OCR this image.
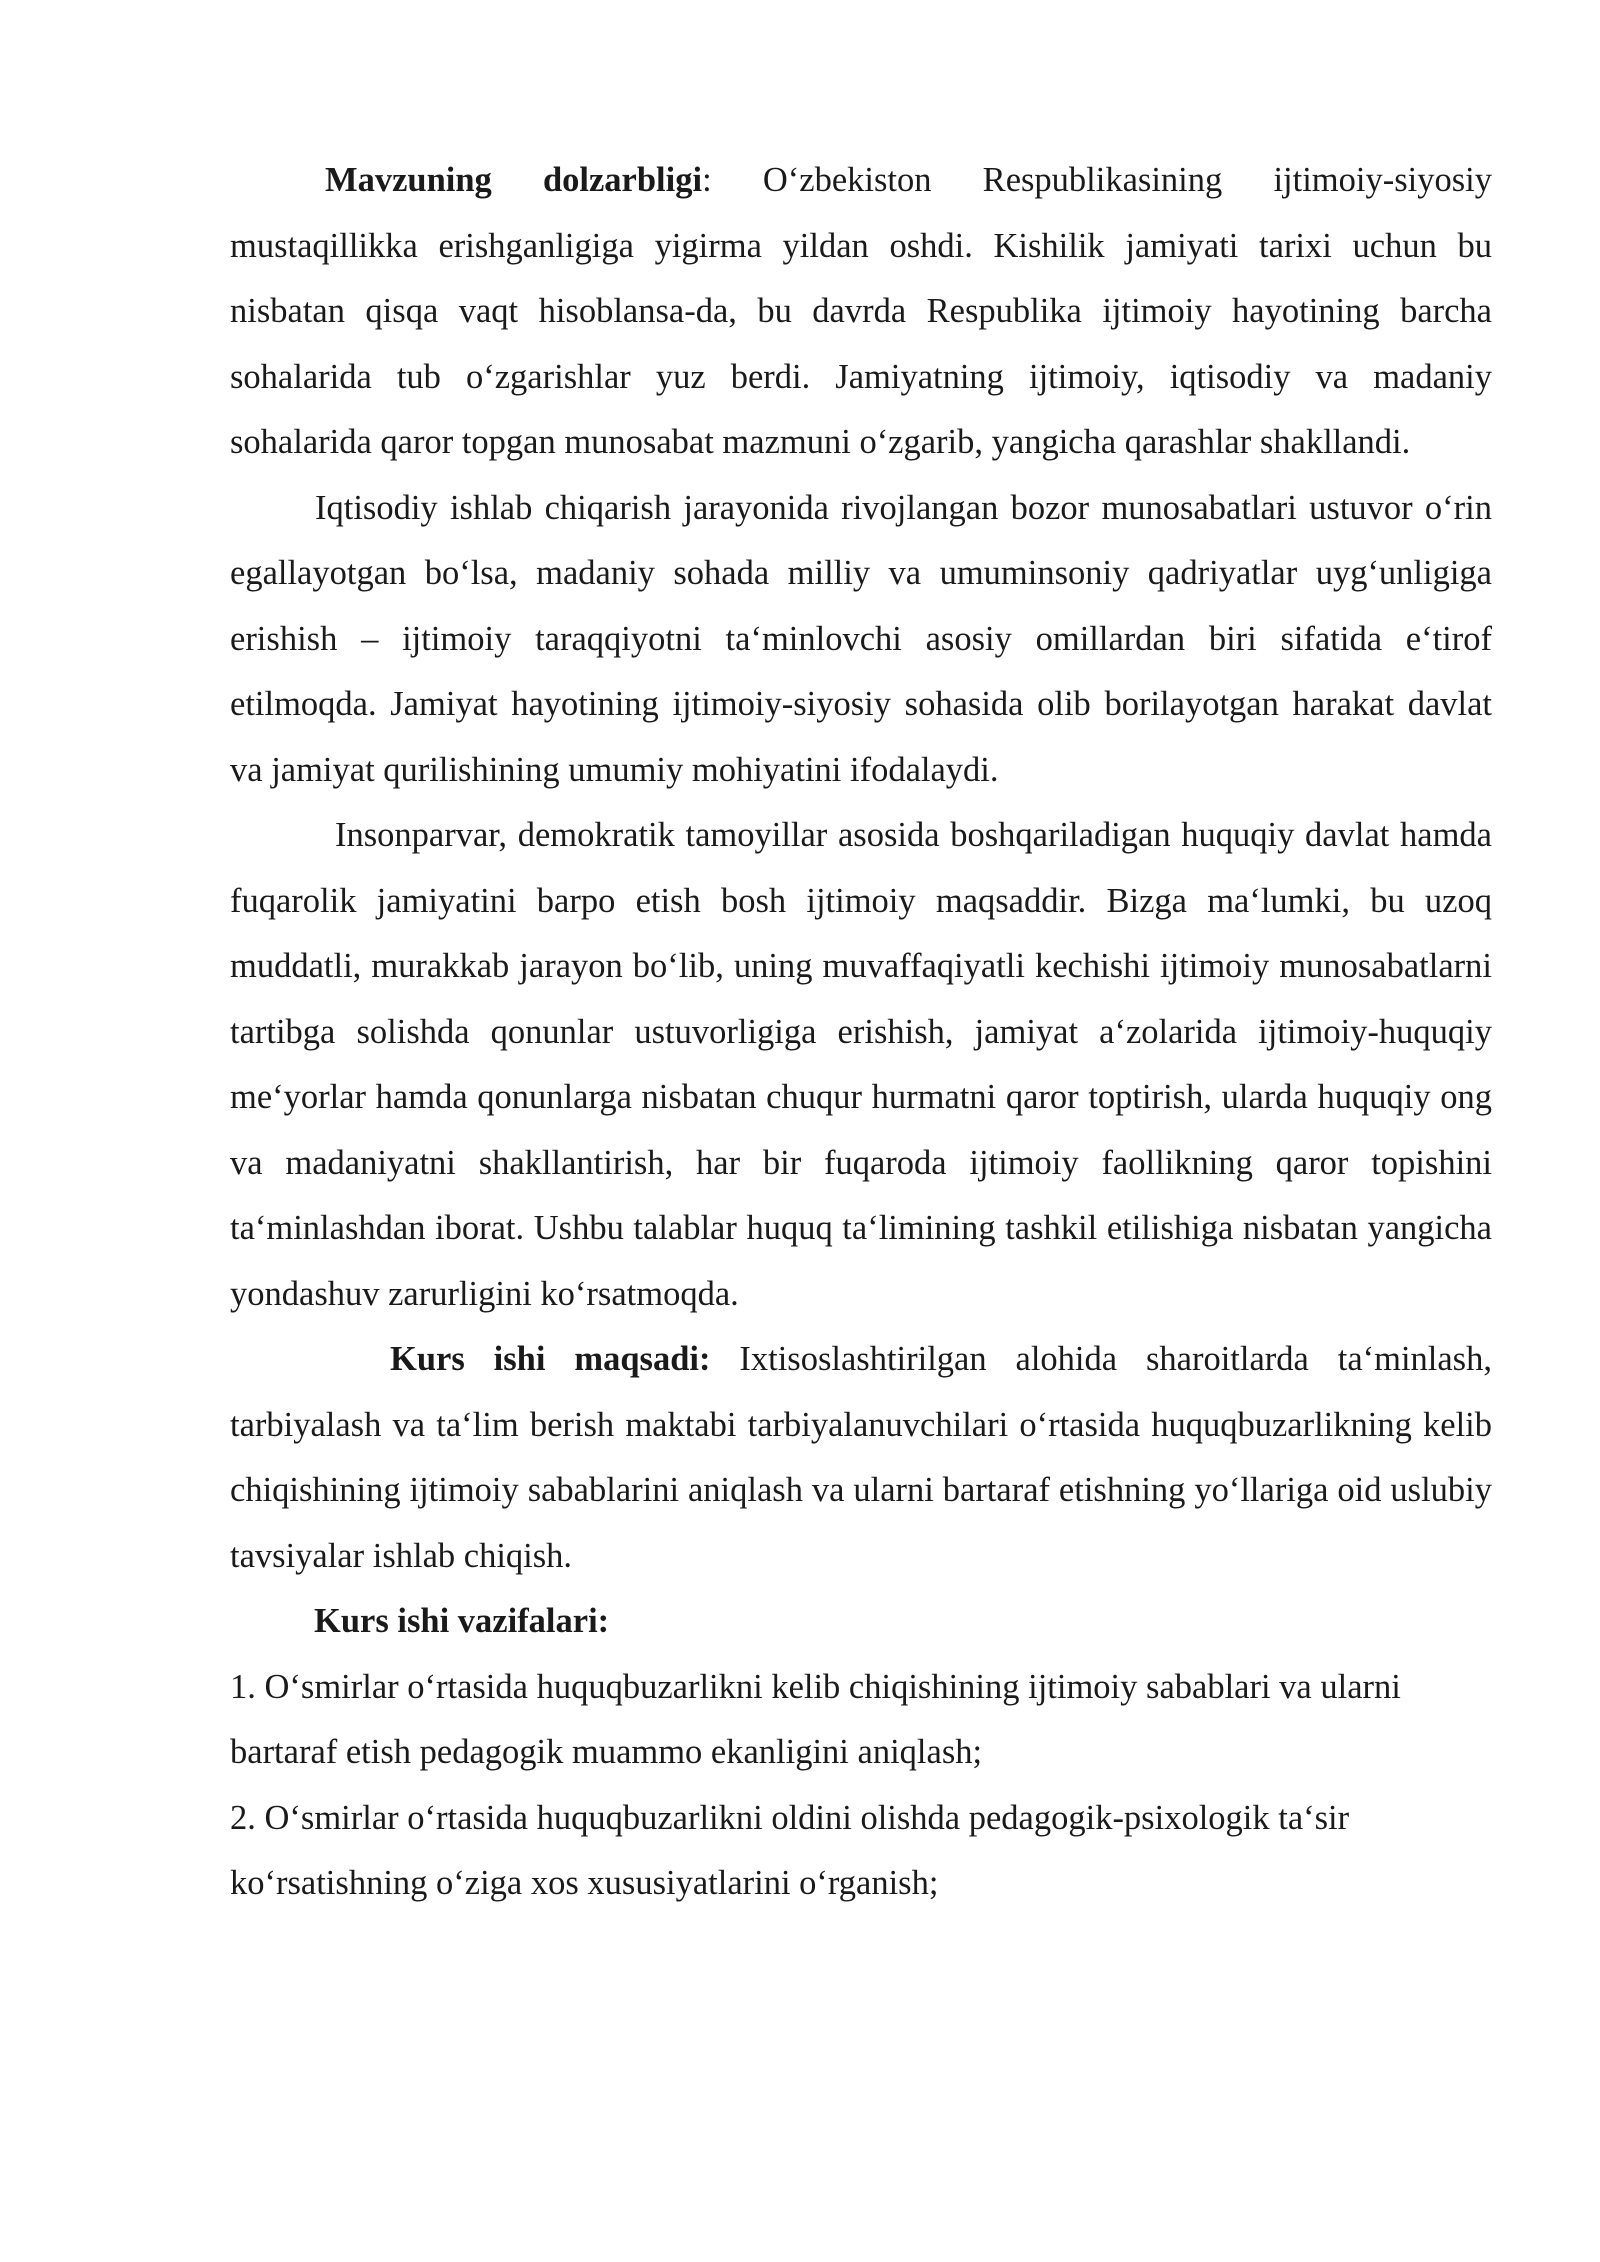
Mavzuning dolzarbligi: O‘zbekiston Respublikasining ijtimoiy-siyosiy mustaqillikka erishganligiga yigirma yildan oshdi. Kishilik jamiyati tarixi uchun bu nisbatan qisqa vaqt hisoblansa-da, bu davrda Respublika ijtimoiy hayotining barcha sohalarida tub o‘zgarishlar yuz berdi. Jamiyatning ijtimoiy, iqtisodiy va madaniy sohalarida qaror topgan munosabat mazmuni o‘zgarib, yangicha qarashlar shakllandi.

Iqtisodiy ishlab chiqarish jarayonida rivojlangan bozor munosabatlari ustuvor o‘rin egallayotgan bo‘lsa, madaniy sohada milliy va umuminsoniy qadriyatlar uyg‘unligiga erishish – ijtimoiy taraqqiyotni ta‘minlovchi asosiy omillardan biri sifatida e‘tirof etilmoqda. Jamiyat hayotining ijtimoiy-siyosiy sohasida olib borilayotgan harakat davlat va jamiyat qurilishining umumiy mohiyatini ifodalaydi.

Insonparvar, demokratik tamoyillar asosida boshqariladigan huquqiy davlat hamda fuqarolik jamiyatini barpo etish bosh ijtimoiy maqsaddir. Bizga ma‘lumki, bu uzoq muddatli, murakkab jarayon bo‘lib, uning muvaffaqiyatli kechishi ijtimoiy munosabatlarni tartibga solishda qonunlar ustuvorligiga erishish, jamiyat a‘zolarida ijtimoiy-huquqiy me‘yorlar hamda qonunlarga nisbatan chuqur hurmatni qaror toptirish, ularda huquqiy ong va madaniyatni shakllantirish, har bir fuqaroda ijtimoiy faollikning qaror topishini ta‘minlashdan iborat. Ushbu talablar huquq ta‘limining tashkil etilishiga nisbatan yangicha yondashuv zarurligini ko‘rsatmoqda.

Kurs ishi maqsadi: Ixtisoslashtirilgan alohida sharoitlarda ta‘minlash, tarbiyalash va ta‘lim berish maktabi tarbiyalanuvchilari o‘rtasida huquqbuzarlikning kelib chiqishining ijtimoiy sabablarini aniqlash va ularni bartaraf etishning yo‘llariga oid uslubiy tavsiyalar ishlab chiqish.

Kurs ishi vazifalari:

1. O‘smirlar o‘rtasida huquqbuzarlikni kelib chiqishining ijtimoiy sabablari va ularni bartaraf etish pedagogik muammo ekanligini aniqlash;

2. O‘smirlar o‘rtasida huquqbuzarlikni oldini olishda pedagogik-psixologik ta‘sir ko‘rsatishning o‘ziga xos xususiyatlarini o‘rganish;
